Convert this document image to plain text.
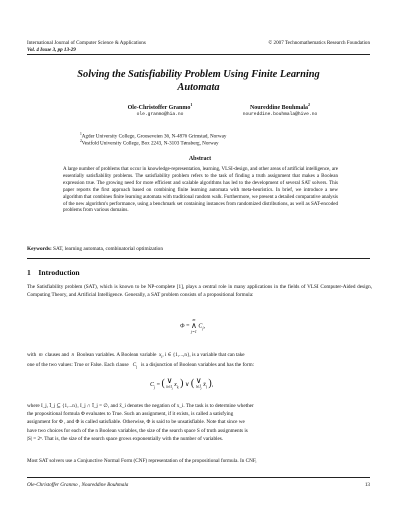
International Journal of Computer Science & Applications	© 2007 Technomathematics Research Foundation
Vol. 4 Issue 3, pp 13-29
Solving the Satisfiability Problem Using Finite Learning
Automata
Ole-Christoffer Granmo$^1$
ole.granmo@hia.no
Noureddine Bouhmala$^2$
noureddine.bouhmala@hive.no
$^1$Agder University College, Grooseveien 36, N-4876 Grimstad, Norway
$^2$Vestfold University College, Box 2243, N-3103 Tønsberg, Norway
Abstract
A large number of problems that occur in knowledge-representation, learning, VLSI-design, and other areas of artificial intelligence, are essentially satisfiability problems. The satisfiability problem refers to the task of finding a truth assignment that makes a Boolean expression true. The growing need for more efficient and scalable algorithms has led to the development of several SAT solvers. This paper reports the first approach based on combining finite learning automata with meta-heuristics. In brief, we introduce a new algorithm that combines finite learning automata with traditional random walk. Furthermore, we present a detailed comparative analysis of the new algorithm's performance, using a benchmark set containing instances from randomized distributions, as well as SAT-encoded problems from various domains.
Keywords: SAT, learning automata, combinatorial optimization
1 Introduction
The Satisfiability problem (SAT), which is known to be NP-complete [1], plays a central role in many applications in the fields of VLSI Computer-Aided design, Computing Theory, and Artificial Intelligence. Generally, a SAT problem consists of a propositional formula:
Φ =
m
∧
j=1
$C_j$,
with m clauses and n Boolean variables. A Boolean variable $x_i$, i ∈ {1,...,n}, is a variable that can take
one of the two values: True or False. Each clause $C_j$ is a disjunction of Boolean variables and has the form:
$C_j$ = ( ∨
$k\in I_j$
$x_k$ ) ∨ ( ∨
$l\in Ī_j$
$x̄_l$ ),
where I_j, Ī_j ⊆ {1,...n}, I_j ∩ Ī_j = ∅, and x̄_i denotes the negation of x_i. The task is to determine whether
the propositional formula Φ evaluates to True. Such an assignment, if it exists, is called a satisfying
assignment for Φ , and Φ is called satisfiable. Otherwise, Φ is said to be unsatisfiable. Note that since we
have two choices for each of the n Boolean variables, the size of the search space S of truth assignments is
|S| = 2ⁿ. That is, the size of the search space grows exponentially with the number of variables.
Most SAT solvers use a Conjunctive Normal Form (CNF) representation of the propositional formula. In CNF,
Ole-Christoffer Granmo , Noureddine Bouhmala	13
